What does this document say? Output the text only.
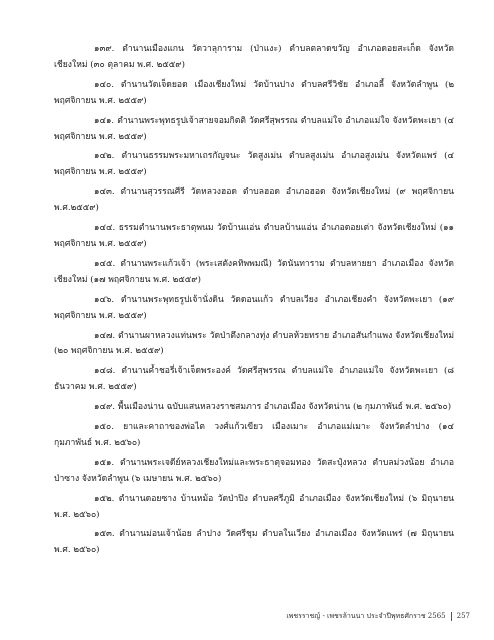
๑๓๙. ตำนานเมืองแกน วัดวาลุการาม (ป่าแงะ) ตำบลตลาดขวัญ อำเภอดอยสะเก็ด จังหวัดเชียงใหม่ (๓๐ ตุลาคม พ.ศ. ๒๕๕๙)
๑๔๐. ตำนานวัดเจ็ดยอด เมืองเชียงใหม่ วัดบ้านปาง ตำบลศรีวิชัย อำเภอลี้ จังหวัดลำพูน (๒ พฤศจิกายน พ.ศ. ๒๕๕๙)
๑๔๑. ตำนานพระพุทธรูปเจ้าสายจอมกิตติ วัดศรีสุพรรณ ตำบลแม่ใจ อำเภอแม่ใจ จังหวัดพะเยา (๔ พฤศจิกายน พ.ศ. ๒๕๕๙)
๑๔๒. ตำนานธรรมพระมหาเถรกัญจนะ วัดสูงเม่น ตำบลสูงเม่น อำเภอสูงเม่น จังหวัดแพร่ (๔ พฤศจิกายน พ.ศ. ๒๕๕๙)
๑๔๓. ตำนานสุวรรณศีรี วัดหลวงฮอด ตำบลฮอด อำเภอฮอด จังหวัดเชียงใหม่ (๙ พฤศจิกายน พ.ศ.๒๕๕๙)
๑๔๔. ธรรมตำนานพระธาตุพนม วัดบ้านแอ่น ตำบลบ้านแอ่น อำเภอดอยเต่า จังหวัดเชียงใหม่ (๑๑ พฤศจิกายน พ.ศ. ๒๕๕๙)
๑๔๕. ตำนานพระแก้วเจ้า (พระเสตังคทิพพมณี) วัดนันทาราม ตำบลหายยา อำเภอเมือง จังหวัดเชียงใหม่ (๑๗ พฤศจิกายน พ.ศ. ๒๕๕๙)
๑๔๖. ตำนานพระพุทธรูปเจ้านั่งดิน วัดดอนแก้ว ตำบลเวียง อำเภอเชียงคำ จังหวัดพะเยา (๑๙ พฤศจิกายน พ.ศ. ๒๕๕๙)
๑๔๗. ตำนานผาหลวงแท่นพระ วัดป่าตึงกลางทุ่ง ตำบลห้วยทราย อำเภอสันกำแพง จังหวัดเชียงใหม่ (๒๐ พฤศจิกายน พ.ศ. ๒๕๕๙)
๑๔๘. ตำนานค้ำชอรี่เจ้าเจ็ดพระองค์ วัดศรีสุพรรณ ตำบลแม่ใจ อำเภอแม่ใจ จังหวัดพะเยา (๘ ธันวาคม พ.ศ. ๒๕๕๙)
๑๔๙. พื้นเมืองน่าน ฉบับแสนหลวงราชสมภาร อำเภอเมือง จังหวัดน่าน (๒ กุมภาพันธ์ พ.ศ. ๒๕๖๐)
๑๕๐. ยาและคาถาของพ่อไต วงศ์แก้วเขียว เมืองเมาะ อำเภอแม่เมาะ จังหวัดลำปาง (๑๔ กุมภาพันธ์ พ.ศ. ๒๕๖๐)
๑๕๑. ตำนานพระเจดีย์หลวงเชียงใหม่และพระธาตุจอมทอง วัดสะปุ๋งหลวง ตำบลม่วงน้อย อำเภอป่าซาง จังหวัดลำพูน (๖ เมษายน พ.ศ. ๒๕๖๐)
๑๕๒. ตำนานดอยซาง บ้านหม้อ วัดป่าปิง ตำบลศรีภูมิ อำเภอเมือง จังหวัดเชียงใหม่ (๖ มิถุนายน พ.ศ. ๒๕๖๐)
๑๕๓. ตำนานม่อนเจ้าน้อย ลำปาง วัดศรีชุม ตำบลในเวียง อำเภอเมือง จังหวัดแพร่ (๗ มิถุนายน พ.ศ. ๒๕๖๐)
เพชรราชญ์ - เพชรล้านนา ประจำปีพุทธศักราช 2565 257
